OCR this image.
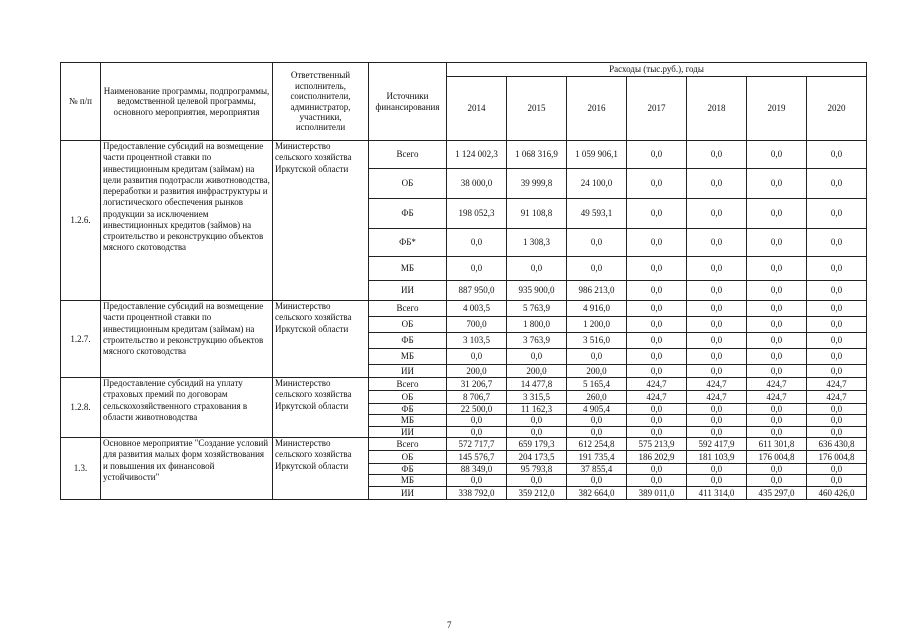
№ п/п	Наименование программы, подпрограммы, ведомственной целевой программы, основного мероприятия, мероприятия	Ответственный исполнитель, соисполнители, администратор, участники, исполнители	Источники финансирования	Расходы (тыс.руб.), годы						
				2014	2015	2016	2017	2018	2019	2020
1.2.6.	Предоставление субсидий на возмещение части процентной ставки по инвестиционным кредитам (займам) на цели развития подотрасли животноводства, переработки и развития инфраструктуры и логистического обеспечения рынков продукции за исключением инвестиционных кредитов (займов) на строительство и реконструкцию объектов мясного скотоводства	Министерство сельского хозяйства Иркутской области	Всего	1 124 002,3	1 068 316,9	1 059 906,1	0,0	0,0	0,0	0,0
			ОБ	38 000,0	39 999,8	24 100,0	0,0	0,0	0,0	0,0
			ФБ	198 052,3	91 108,8	49 593,1	0,0	0,0	0,0	0,0
			ФБ*	0,0	1 308,3	0,0	0,0	0,0	0,0	0,0
			МБ	0,0	0,0	0,0	0,0	0,0	0,0	0,0
			ИИ	887 950,0	935 900,0	986 213,0	0,0	0,0	0,0	0,0
1.2.7.	Предоставление субсидий на возмещение части процентной ставки по инвестиционным кредитам (займам) на строительство и реконструкцию объектов мясного скотоводства	Министерство сельского хозяйства Иркутской области	Всего	4 003,5	5 763,9	4 916,0	0,0	0,0	0,0	0,0
			ОБ	700,0	1 800,0	1 200,0	0,0	0,0	0,0	0,0
			ФБ	3 103,5	3 763,9	3 516,0	0,0	0,0	0,0	0,0
			МБ	0,0	0,0	0,0	0,0	0,0	0,0	0,0
			ИИ	200,0	200,0	200,0	0,0	0,0	0,0	0,0
1.2.8.	Предоставление субсидий на уплату страховых премий по договорам сельскохозяйственного страхования в области животноводства	Министерство сельского хозяйства Иркутской области	Всего	31 206,7	14 477,8	5 165,4	424,7	424,7	424,7	424,7
			ОБ	8 706,7	3 315,5	260,0	424,7	424,7	424,7	424,7
			ФБ	22 500,0	11 162,3	4 905,4	0,0	0,0	0,0	0,0
			МБ	0,0	0,0	0,0	0,0	0,0	0,0	0,0
			ИИ	0,0	0,0	0,0	0,0	0,0	0,0	0,0
1.3.	Основное мероприятие "Создание условий для развития малых форм хозяйствования и повышения их финансовой устойчивости"	Министерство сельского хозяйства Иркутской области	Всего	572 717,7	659 179,3	612 254,8	575 213,9	592 417,9	611 301,8	636 430,8
			ОБ	145 576,7	204 173,5	191 735,4	186 202,9	181 103,9	176 004,8	176 004,8
			ФБ	88 349,0	95 793,8	37 855,4	0,0	0,0	0,0	0,0
			МБ	0,0	0,0	0,0	0,0	0,0	0,0	0,0
			ИИ	338 792,0	359 212,0	382 664,0	389 011,0	411 314,0	435 297,0	460 426,0
7
